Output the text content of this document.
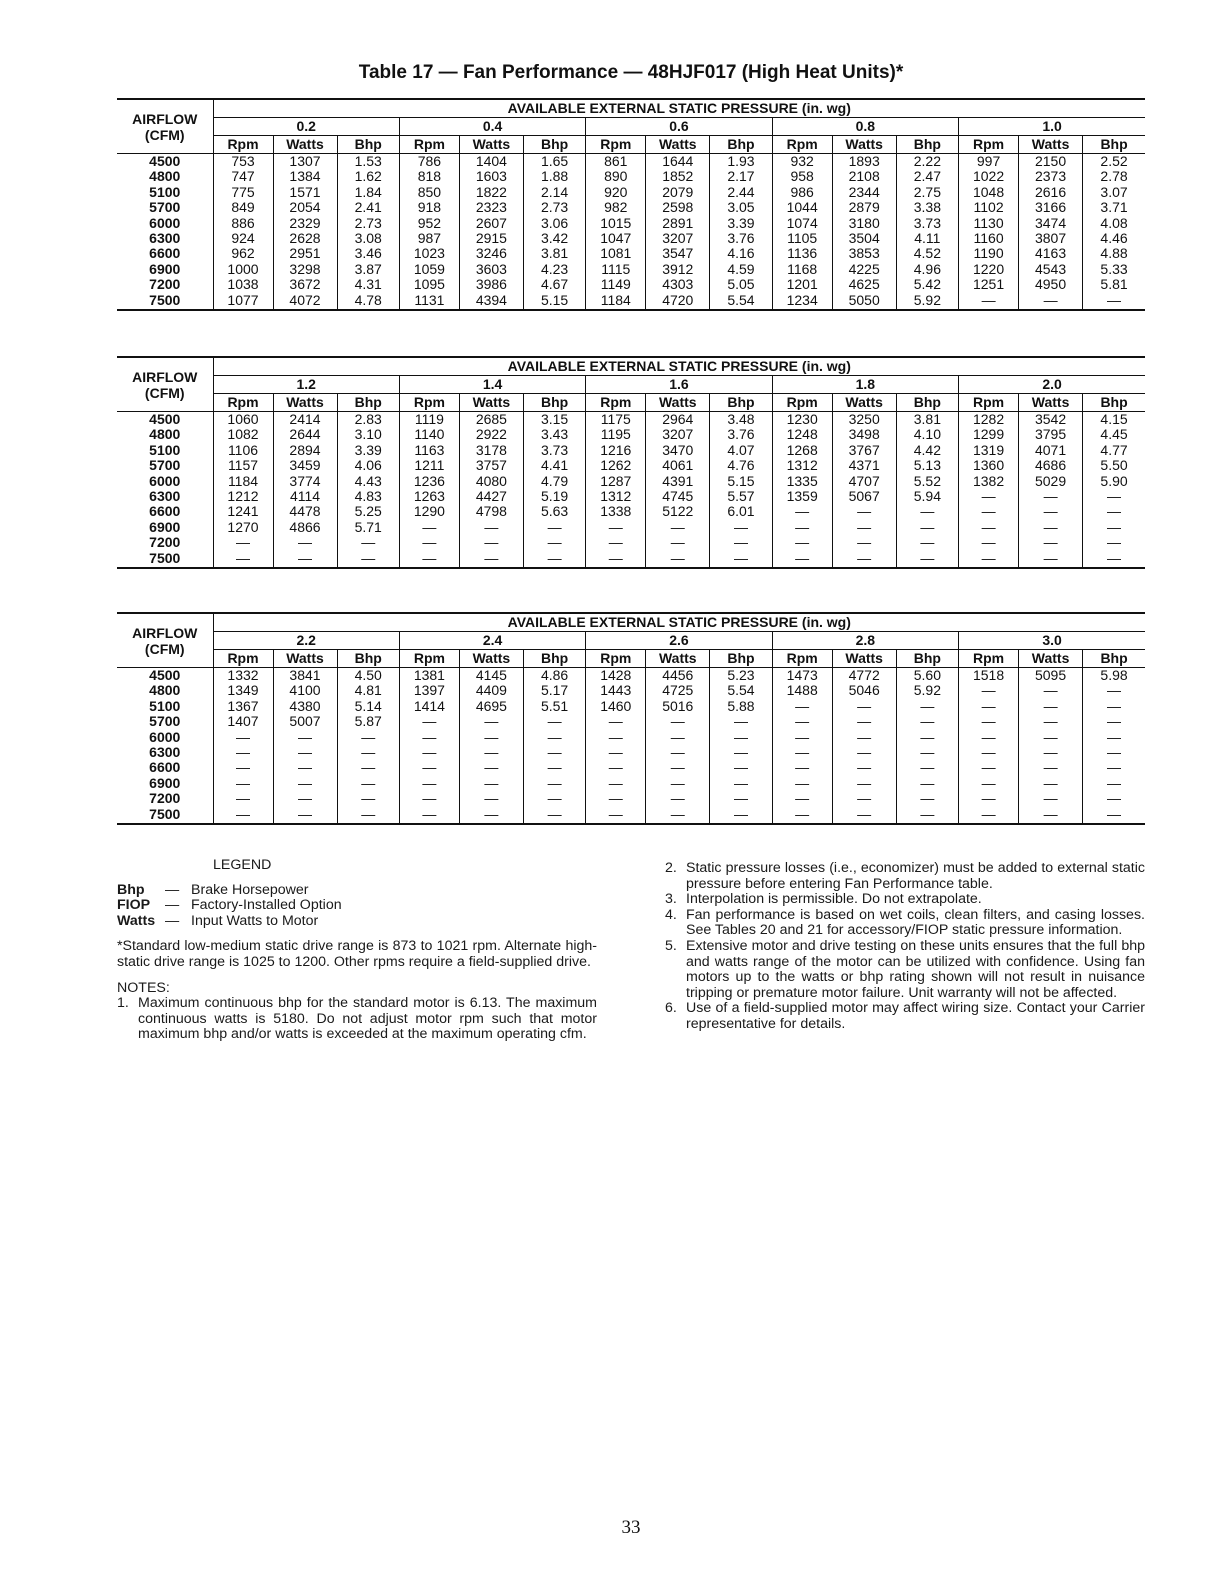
Table 17 — Fan Performance — 48HJF017 (High Heat Units)*
AIRFLOW
(CFM)	AVAILABLE EXTERNAL STATIC PRESSURE (in. wg)														
	0.2			0.4			0.6			0.8			1.0		
	Rpm	Watts	Bhp	Rpm	Watts	Bhp	Rpm	Watts	Bhp	Rpm	Watts	Bhp	Rpm	Watts	Bhp
4500	753	1307	1.53	786	1404	1.65	861	1644	1.93	932	1893	2.22	997	2150	2.52
4800	747	1384	1.62	818	1603	1.88	890	1852	2.17	958	2108	2.47	1022	2373	2.78
5100	775	1571	1.84	850	1822	2.14	920	2079	2.44	986	2344	2.75	1048	2616	3.07
5700	849	2054	2.41	918	2323	2.73	982	2598	3.05	1044	2879	3.38	1102	3166	3.71
6000	886	2329	2.73	952	2607	3.06	1015	2891	3.39	1074	3180	3.73	1130	3474	4.08
6300	924	2628	3.08	987	2915	3.42	1047	3207	3.76	1105	3504	4.11	1160	3807	4.46
6600	962	2951	3.46	1023	3246	3.81	1081	3547	4.16	1136	3853	4.52	1190	4163	4.88
6900	1000	3298	3.87	1059	3603	4.23	1115	3912	4.59	1168	4225	4.96	1220	4543	5.33
7200	1038	3672	4.31	1095	3986	4.67	1149	4303	5.05	1201	4625	5.42	1251	4950	5.81
7500	1077	4072	4.78	1131	4394	5.15	1184	4720	5.54	1234	5050	5.92	—	—	—
AIRFLOW
(CFM)	AVAILABLE EXTERNAL STATIC PRESSURE (in. wg)														
	1.2			1.4			1.6			1.8			2.0		
	Rpm	Watts	Bhp	Rpm	Watts	Bhp	Rpm	Watts	Bhp	Rpm	Watts	Bhp	Rpm	Watts	Bhp
4500	1060	2414	2.83	1119	2685	3.15	1175	2964	3.48	1230	3250	3.81	1282	3542	4.15
4800	1082	2644	3.10	1140	2922	3.43	1195	3207	3.76	1248	3498	4.10	1299	3795	4.45
5100	1106	2894	3.39	1163	3178	3.73	1216	3470	4.07	1268	3767	4.42	1319	4071	4.77
5700	1157	3459	4.06	1211	3757	4.41	1262	4061	4.76	1312	4371	5.13	1360	4686	5.50
6000	1184	3774	4.43	1236	4080	4.79	1287	4391	5.15	1335	4707	5.52	1382	5029	5.90
6300	1212	4114	4.83	1263	4427	5.19	1312	4745	5.57	1359	5067	5.94	—	—	—
6600	1241	4478	5.25	1290	4798	5.63	1338	5122	6.01	—	—	—	—	—	—
6900	1270	4866	5.71	—	—	—	—	—	—	—	—	—	—	—	—
7200	—	—	—	—	—	—	—	—	—	—	—	—	—	—	—
7500	—	—	—	—	—	—	—	—	—	—	—	—	—	—	—
AIRFLOW
(CFM)	AVAILABLE EXTERNAL STATIC PRESSURE (in. wg)														
	2.2			2.4			2.6			2.8			3.0		
	Rpm	Watts	Bhp	Rpm	Watts	Bhp	Rpm	Watts	Bhp	Rpm	Watts	Bhp	Rpm	Watts	Bhp
4500	1332	3841	4.50	1381	4145	4.86	1428	4456	5.23	1473	4772	5.60	1518	5095	5.98
4800	1349	4100	4.81	1397	4409	5.17	1443	4725	5.54	1488	5046	5.92	—	—	—
5100	1367	4380	5.14	1414	4695	5.51	1460	5016	5.88	—	—	—	—	—	—
5700	1407	5007	5.87	—	—	—	—	—	—	—	—	—	—	—	—
6000	—	—	—	—	—	—	—	—	—	—	—	—	—	—	—
6300	—	—	—	—	—	—	—	—	—	—	—	—	—	—	—
6600	—	—	—	—	—	—	—	—	—	—	—	—	—	—	—
6900	—	—	—	—	—	—	—	—	—	—	—	—	—	—	—
7200	—	—	—	—	—	—	—	—	—	—	—	—	—	—	—
7500	—	—	—	—	—	—	—	—	—	—	—	—	—	—	—
LEGEND
Bhp	— Brake Horsepower
FIOP	— Factory-Installed Option
Watts — Input Watts to Motor
*Standard low-medium static drive range is 873 to 1021 rpm. Alternate high-static drive range is 1025 to 1200. Other rpms require a field-supplied drive.
NOTES:
1. Maximum continuous bhp for the standard motor is 6.13. The maximum continuous watts is 5180. Do not adjust motor rpm such that motor maximum bhp and/or watts is exceeded at the maximum operating cfm.
2. Static pressure losses (i.e., economizer) must be added to external static pressure before entering Fan Performance table.
3. Interpolation is permissible. Do not extrapolate.
4. Fan performance is based on wet coils, clean filters, and casing losses. See Tables 20 and 21 for accessory/FIOP static pressure information.
5. Extensive motor and drive testing on these units ensures that the full bhp and watts range of the motor can be utilized with confidence. Using fan motors up to the watts or bhp rating shown will not result in nuisance tripping or premature motor failure. Unit warranty will not be affected.
6. Use of a field-supplied motor may affect wiring size. Contact your Carrier representative for details.
33
